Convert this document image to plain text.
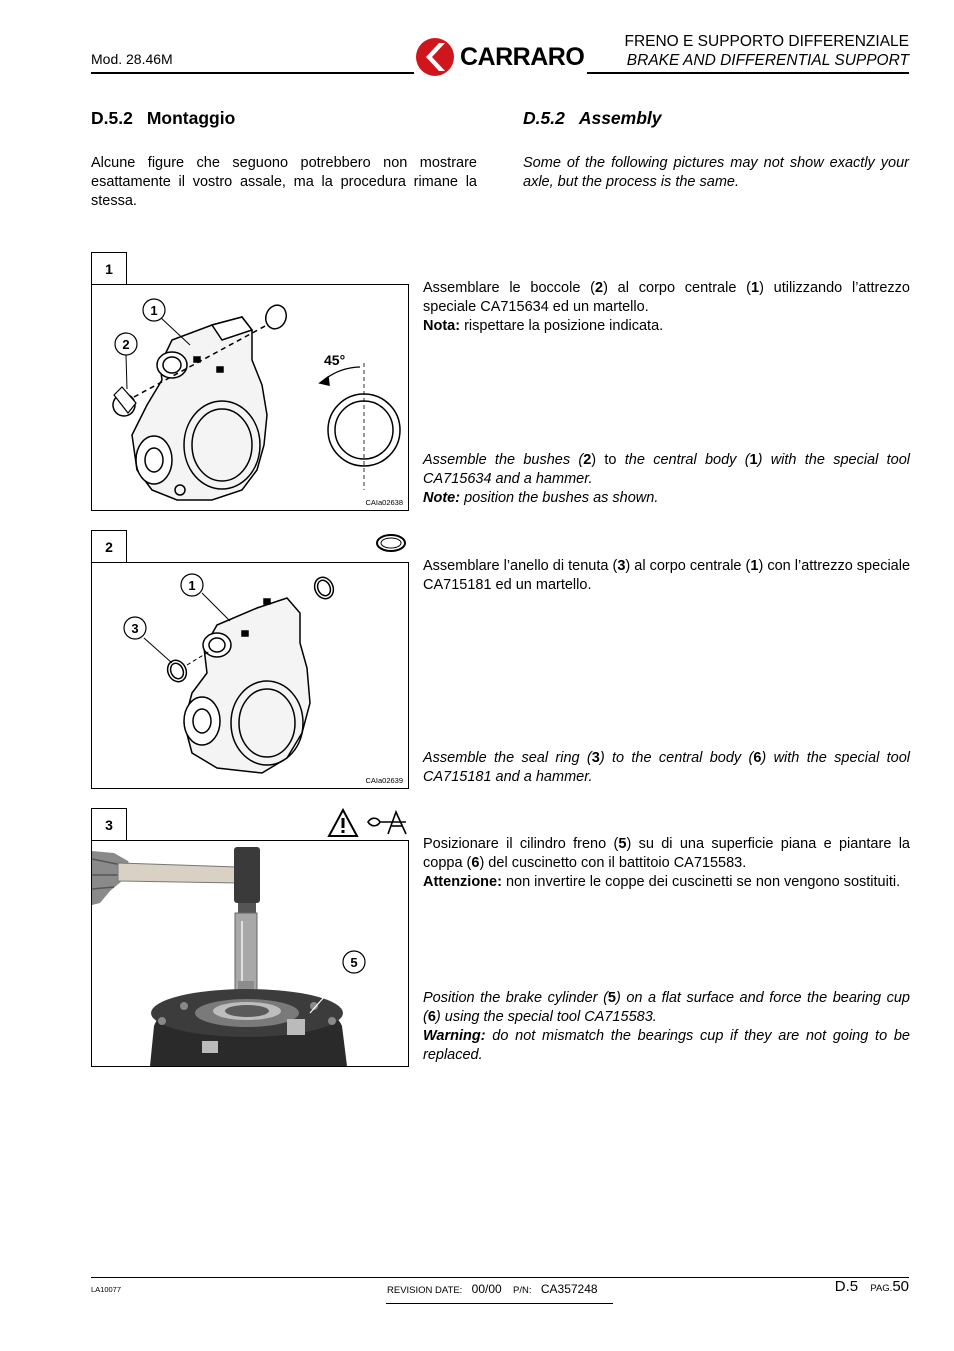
Mod. 28.46M	CARRARO
FRENO E SUPPORTO DIFFERENZIALE
BRAKE AND DIFFERENTIAL SUPPORT
D.5.2 Montaggio	D.5.2 Assembly
Alcune figure che seguono potrebbero non mostrare esattamente il vostro assale, ma la procedura rimane la stessa.
Some of the following pictures may not show exactly your axle, but the process is the same.
1
1
2
45°
CAIa02638
Assemblare le boccole (2) al corpo centrale (1) utilizzando l’attrezzo speciale CA715634 ed un martello.
Nota: rispettare la posizione indicata.
Assemble the bushes (2) to the central body (1) with the special tool CA715634 and a hammer.
Note: position the bushes as shown.
2
1
3
CAIa02639
Assemblare l’anello di tenuta (3) al corpo centrale (1) con l’attrezzo speciale CA715181 ed un martello.
Assemble the seal ring (3) to the central body (6) with the special tool CA715181 and a hammer.
3
5
Posizionare il cilindro freno (5) su di una superficie piana e piantare la coppa (6) del cuscinetto con il battitoio CA715583.
Attenzione: non invertire le coppe dei cuscinetti se non vengono sostituiti.
Position the brake cylinder (5) on a flat surface and force the bearing cup (6) using the special tool CA715583.
Warning: do not mismatch the bearings cup if they are not going to be replaced.
LA10077	REVISION DATE: 00/00 P/N: CA357248	D.5 PAG.50
